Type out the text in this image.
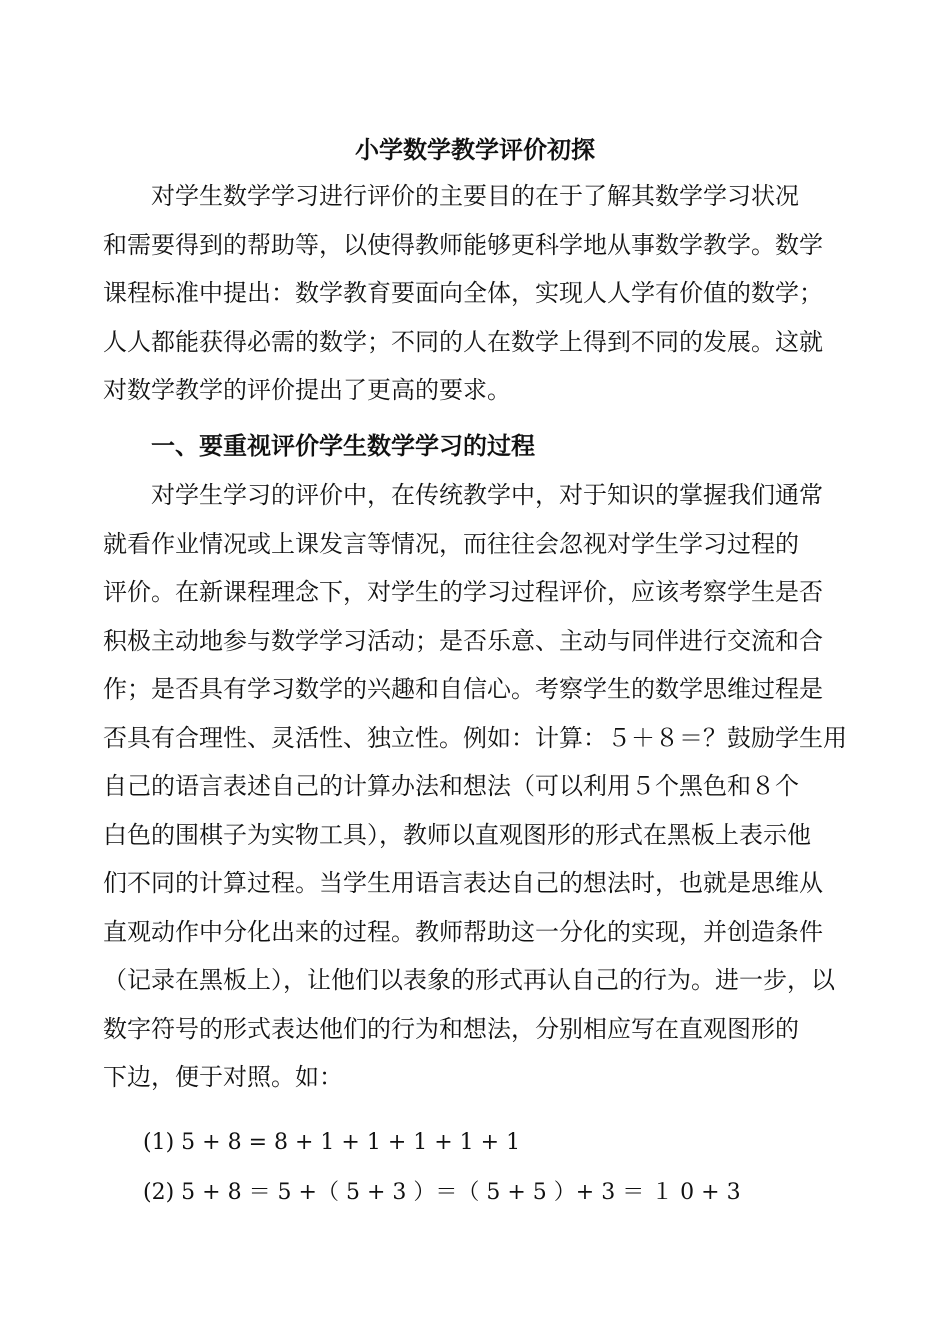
小学数学教学评价初探
　　对学生数学学习进行评价的主要目的在于了解其数学学习状况
和需要得到的帮助等，以使得教师能够更科学地从事数学教学。数学
课程标准中提出：数学教育要面向全体，实现人人学有价值的数学；
人人都能获得必需的数学；不同的人在数学上得到不同的发展。这就
对数学教学的评价提出了更高的要求。
　　一、要重视评价学生数学学习的过程
　　对学生学习的评价中，在传统教学中，对于知识的掌握我们通常
就看作业情况或上课发言等情况，而往往会忽视对学生学习过程的
评价。在新课程理念下，对学生的学习过程评价，应该考察学生是否
积极主动地参与数学学习活动；是否乐意、主动与同伴进行交流和合
作；是否具有学习数学的兴趣和自信心。考察学生的数学思维过程是
否具有合理性、灵活性、独立性。例如：计算：５＋８＝？鼓励学生用
自己的语言表述自己的计算办法和想法（可以利用５个黑色和８个
白色的围棋子为实物工具），教师以直观图形的形式在黑板上表示他
们不同的计算过程。当学生用语言表达自己的想法时，也就是思维从
直观动作中分化出来的过程。教师帮助这一分化的实现，并创造条件
（记录在黑板上），让他们以表象的形式再认自己的行为。进一步，以
数字符号的形式表达他们的行为和想法，分别相应写在直观图形的
下边，便于对照。如：
(1) 5 + 8 = 8 + 1 + 1 + 1 + 1 + 1
(2) 5 + 8 ＝ 5 +（ 5 + 3 ）＝（ 5 + 5 ）+ 3 ＝ １ 0 + 3
